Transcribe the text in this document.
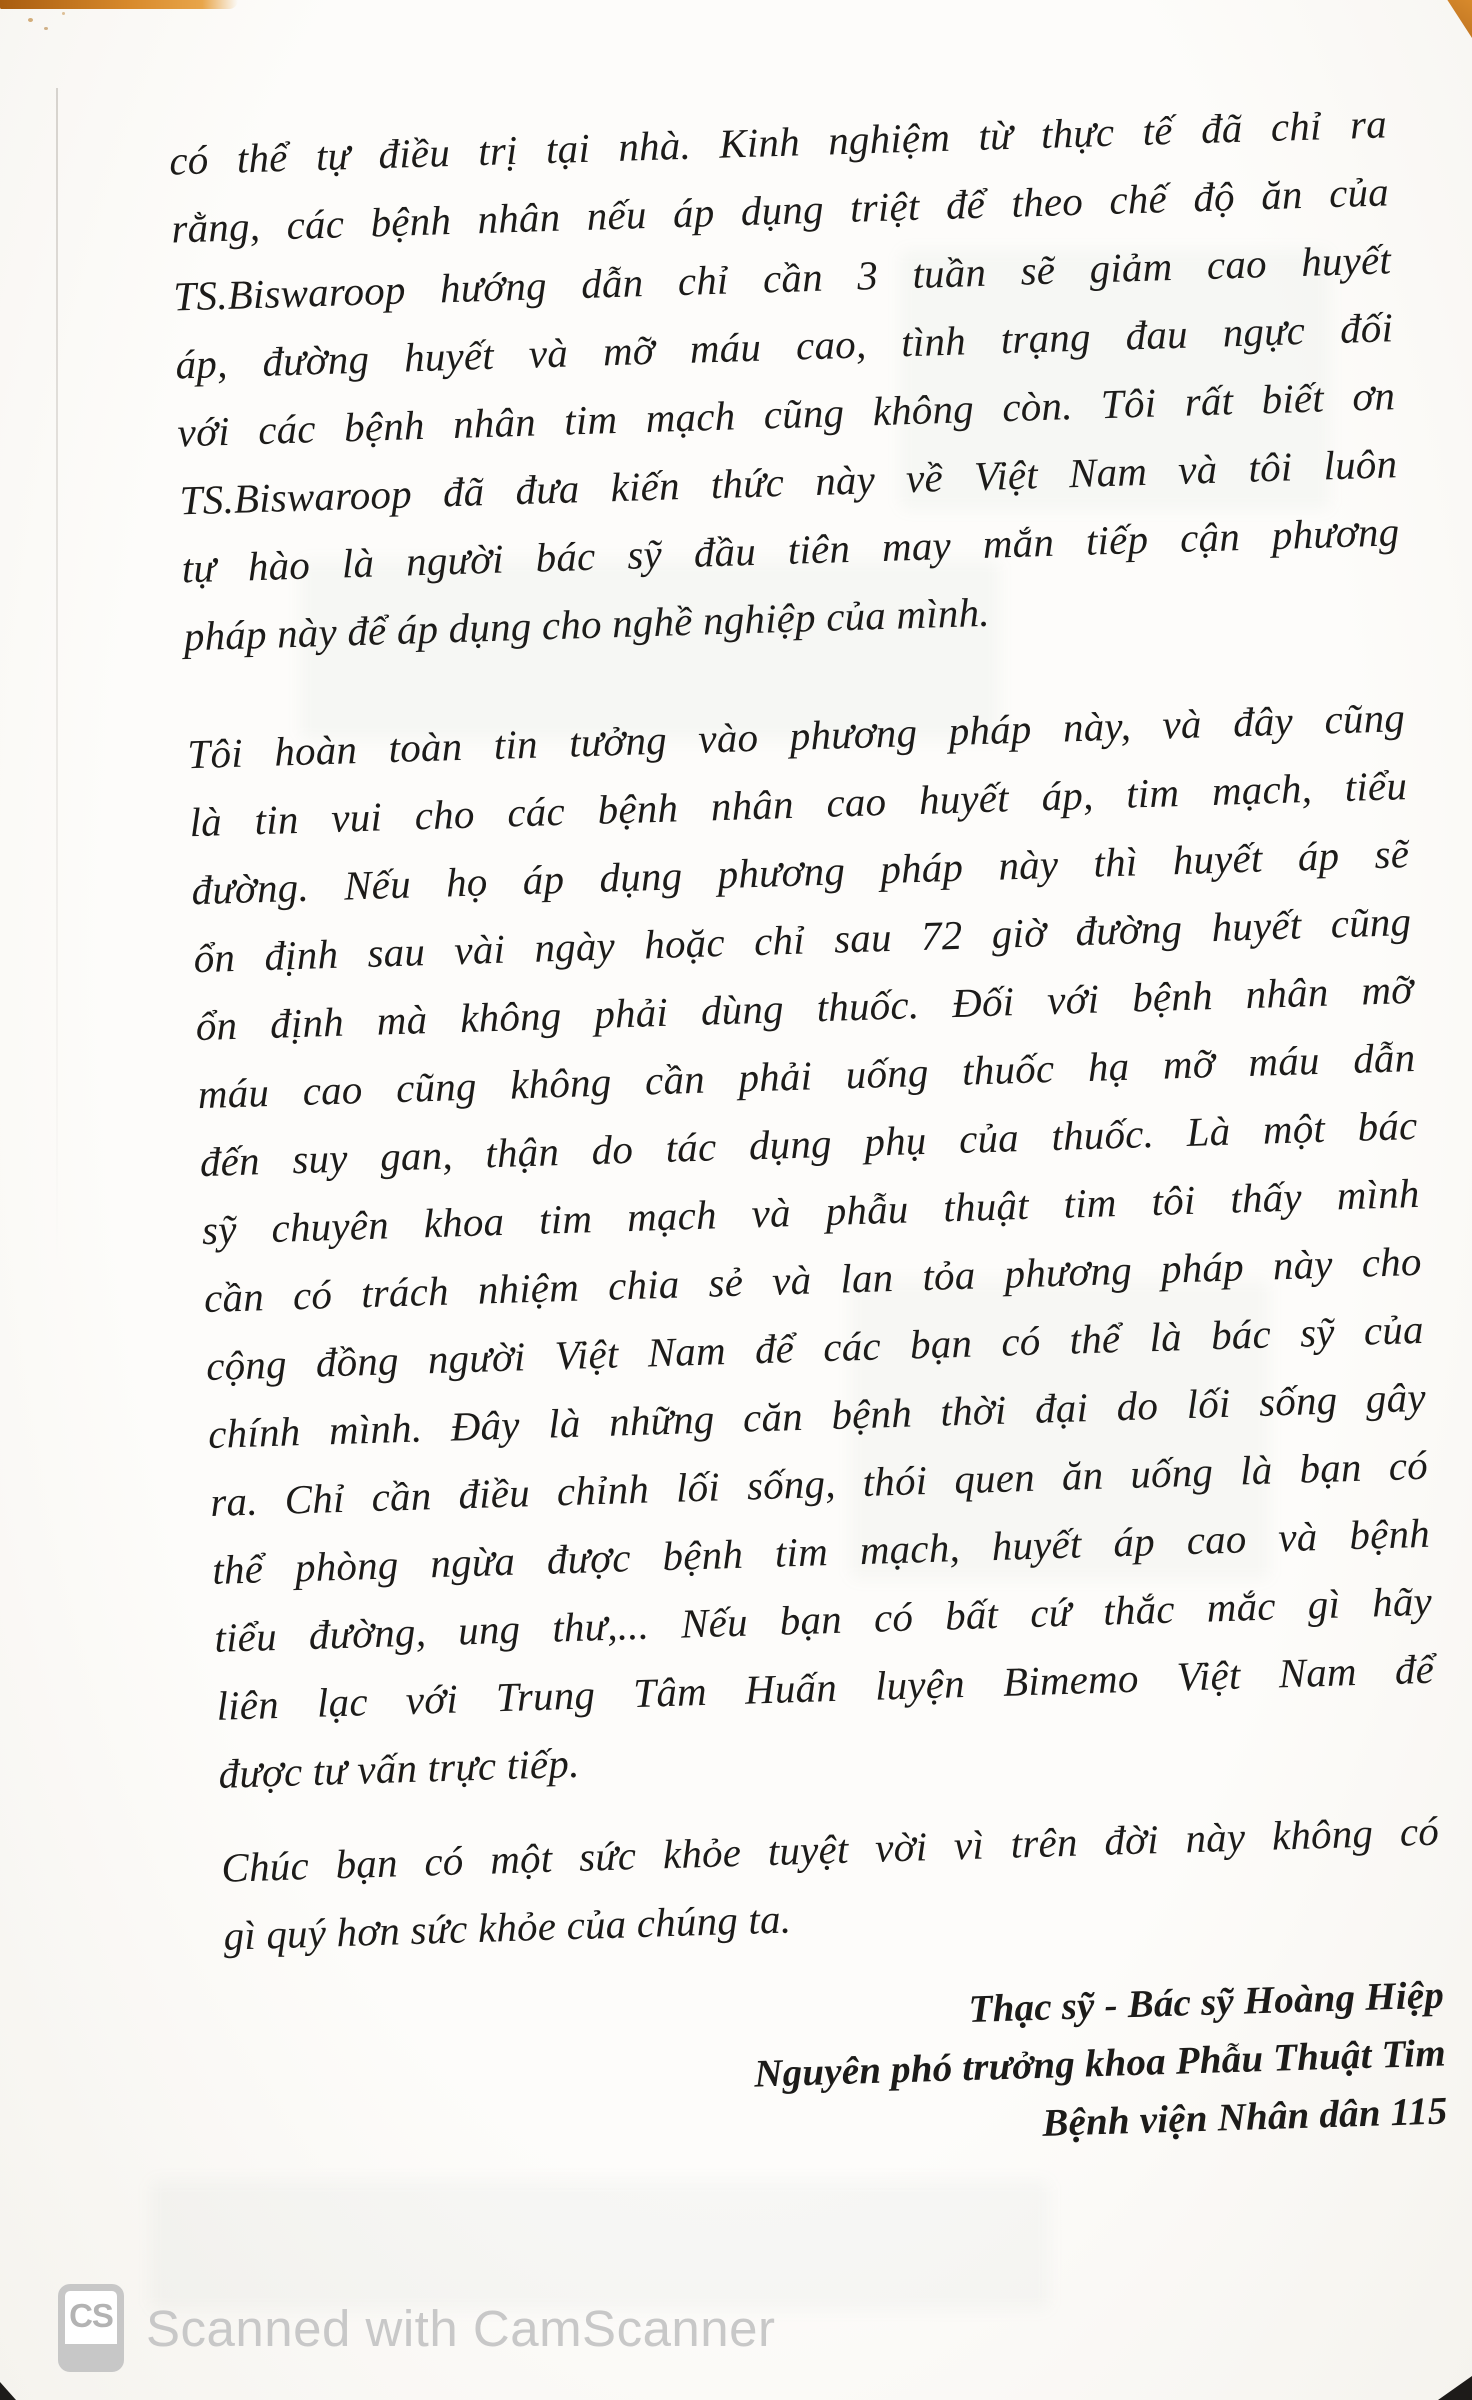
có thể tự điều trị tại nhà. Kinh nghiệm từ thực tế đã chỉ ra
rằng, các bệnh nhân nếu áp dụng triệt để theo chế độ ăn của
TS.Biswaroop hướng dẫn chỉ cần 3 tuần sẽ giảm cao huyết
áp, đường huyết và mỡ máu cao, tình trạng đau ngực đối
với các bệnh nhân tim mạch cũng không còn. Tôi rất biết ơn
TS.Biswaroop đã đưa kiến thức này về Việt Nam và tôi luôn
tự hào là người bác sỹ đầu tiên may mắn tiếp cận phương
pháp này để áp dụng cho nghề nghiệp của mình.
Tôi hoàn toàn tin tưởng vào phương pháp này, và đây cũng
là tin vui cho các bệnh nhân cao huyết áp, tim mạch, tiểu
đường. Nếu họ áp dụng phương pháp này thì huyết áp sẽ
ổn định sau vài ngày hoặc chỉ sau 72 giờ đường huyết cũng
ổn định mà không phải dùng thuốc. Đối với bệnh nhân mỡ
máu cao cũng không cần phải uống thuốc hạ mỡ máu dẫn
đến suy gan, thận do tác dụng phụ của thuốc. Là một bác
sỹ chuyên khoa tim mạch và phẫu thuật tim tôi thấy mình
cần có trách nhiệm chia sẻ và lan tỏa phương pháp này cho
cộng đồng người Việt Nam để các bạn có thể là bác sỹ của
chính mình. Đây là những căn bệnh thời đại do lối sống gây
ra. Chỉ cần điều chỉnh lối sống, thói quen ăn uống là bạn có
thể phòng ngừa được bệnh tim mạch, huyết áp cao và bệnh
tiểu đường, ung thư,... Nếu bạn có bất cứ thắc mắc gì hãy
liên lạc với Trung Tâm Huấn luyện Bimemo Việt Nam để
được tư vấn trực tiếp.
Chúc bạn có một sức khỏe tuyệt vời vì trên đời này không có
gì quý hơn sức khỏe của chúng ta.
Thạc sỹ - Bác sỹ Hoàng Hiệp
Nguyên phó trưởng khoa Phẫu Thuật Tim
Bệnh viện Nhân dân 115
CS Scanned with CamScanner
